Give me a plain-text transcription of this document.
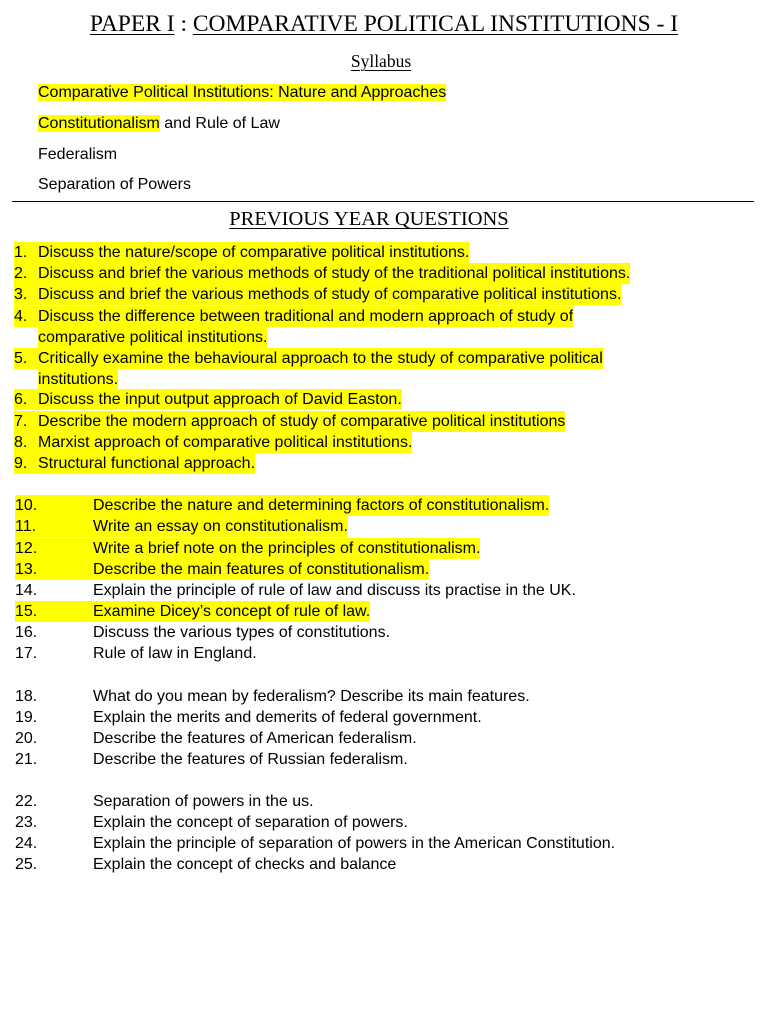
PAPER I : COMPARATIVE POLITICAL INSTITUTIONS - I
Syllabus
Comparative Political Institutions: Nature and Approaches
Constitutionalism and Rule of Law
Federalism
Separation of Powers
PREVIOUS YEAR QUESTIONS
1. Discuss the nature/scope of comparative political institutions.
2. Discuss and brief the various methods of study of the traditional political institutions.
3. Discuss and brief the various methods of study of comparative political institutions.
4. Discuss the difference between traditional and modern approach of study of
comparative political institutions.
5. Critically examine the behavioural approach to the study of comparative political
institutions.
6. Discuss the input output approach of David Easton.
7. Describe the modern approach of study of comparative political institutions
8. Marxist approach of comparative political institutions.
9. Structural functional approach.
10.	Describe the nature and determining factors of constitutionalism.
11.	Write an essay on constitutionalism.
12.	Write a brief note on the principles of constitutionalism.
13.	Describe the main features of constitutionalism.
14.	Explain the principle of rule of law and discuss its practise in the UK.
15.	Examine Dicey’s concept of rule of law.
16.	Discuss the various types of constitutions.
17.	Rule of law in England.
18.	What do you mean by federalism? Describe its main features.
19.	Explain the merits and demerits of federal government.
20.	Describe the features of American federalism.
21.	Describe the features of Russian federalism.
22.	Separation of powers in the us.
23.	Explain the concept of separation of powers.
24.	Explain the principle of separation of powers in the American Constitution.
25.	Explain the concept of checks and balance
